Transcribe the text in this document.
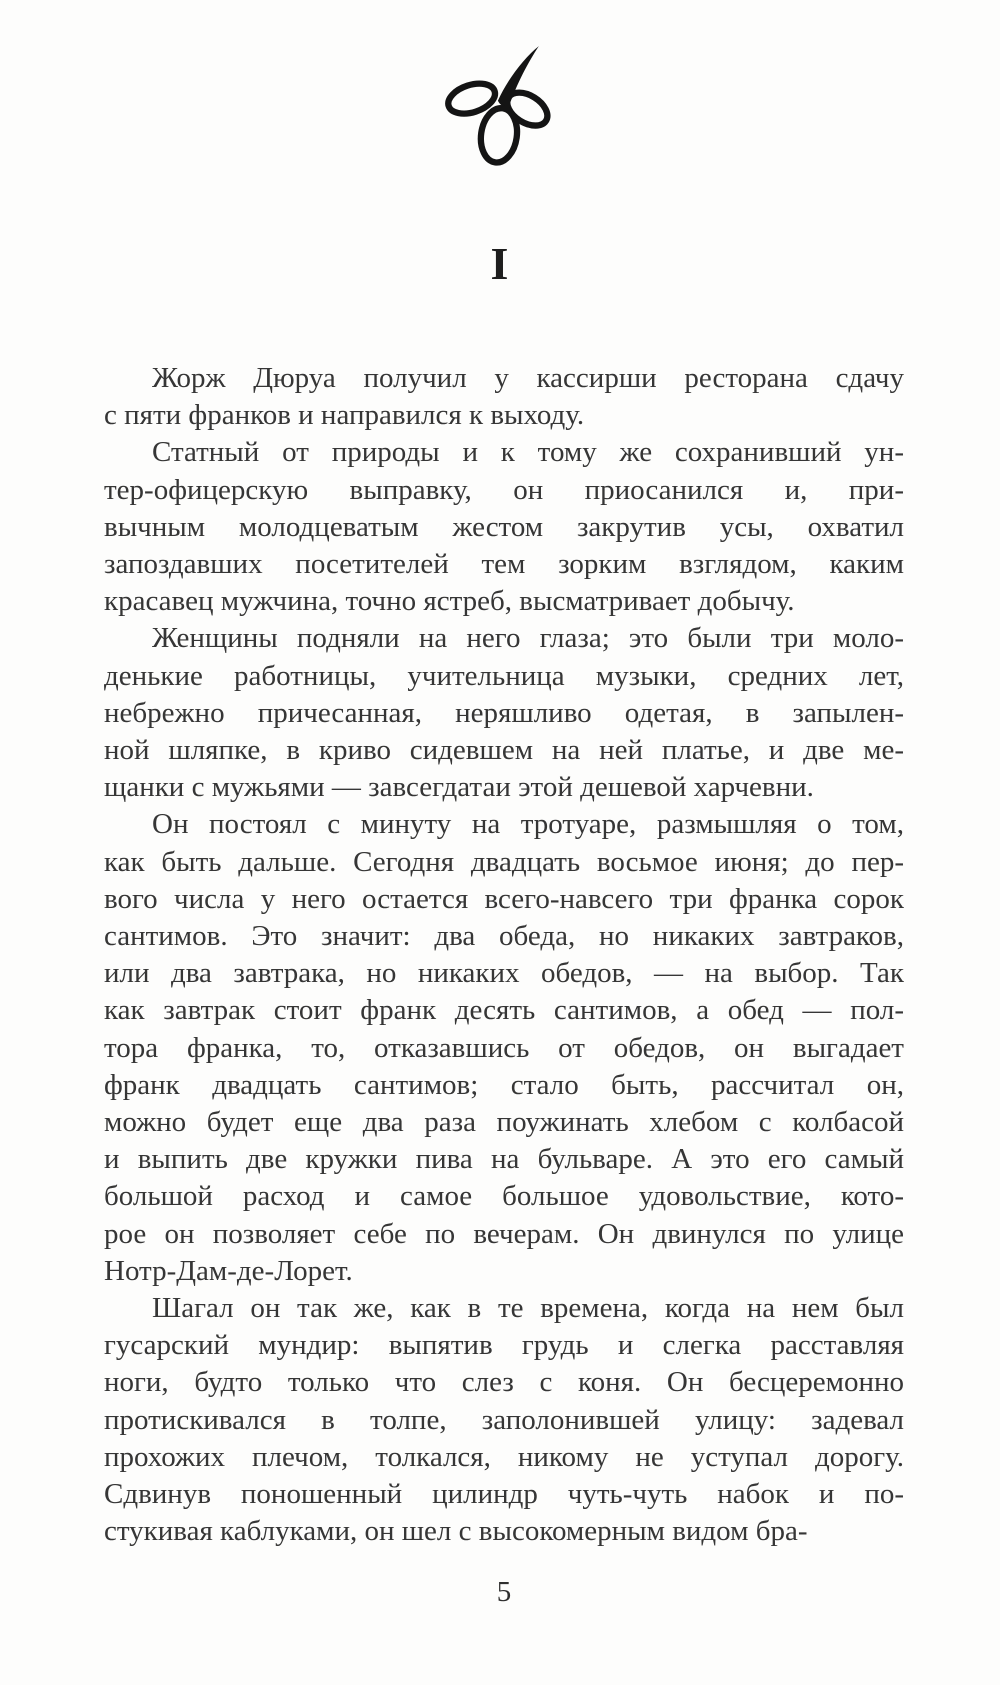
I

Жорж Дюруа получил у кассирши ресторана сдачу
с пяти франков и направился к выходу.

Статный от природы и к тому же сохранивший ун-
тер-офицерскую выправку, он приосанился и, при-
вычным молодцеватым жестом закрутив усы, охватил
запоздавших посетителей тем зорким взглядом, каким
красавец мужчина, точно ястреб, высматривает добычу.

Женщины подняли на него глаза; это были три моло-
денькие работницы, учительница музыки, средних лет,
небрежно причесанная, неряшливо одетая, в запылен-
ной шляпке, в криво сидевшем на ней платье, и две ме-
щанки с мужьями — завсегдатаи этой дешевой харчевни.

Он постоял с минуту на тротуаре, размышляя о том,
как быть дальше. Сегодня двадцать восьмое июня; до пер-
вого числа у него остается всего-навсего три франка сорок
сантимов. Это значит: два обеда, но никаких завтраков,
или два завтрака, но никаких обедов, — на выбор. Так
как завтрак стоит франк десять сантимов, а обед — пол-
тора франка, то, отказавшись от обедов, он выгадает
франк двадцать сантимов; стало быть, рассчитал он,
можно будет еще два раза поужинать хлебом с колбасой
и выпить две кружки пива на бульваре. А это его самый
большой расход и самое большое удовольствие, кото-
рое он позволяет себе по вечерам. Он двинулся по улице
Нотр-Дам-де-Лорет.

Шагал он так же, как в те времена, когда на нем был
гусарский мундир: выпятив грудь и слегка расставляя
ноги, будто только что слез с коня. Он бесцеремонно
протискивался в толпе, заполонившей улицу: задевал
прохожих плечом, толкался, никому не уступал дорогу.
Сдвинув поношенный цилиндр чуть-чуть набок и по-
стукивая каблуками, он шел с высокомерным видом бра-

5
